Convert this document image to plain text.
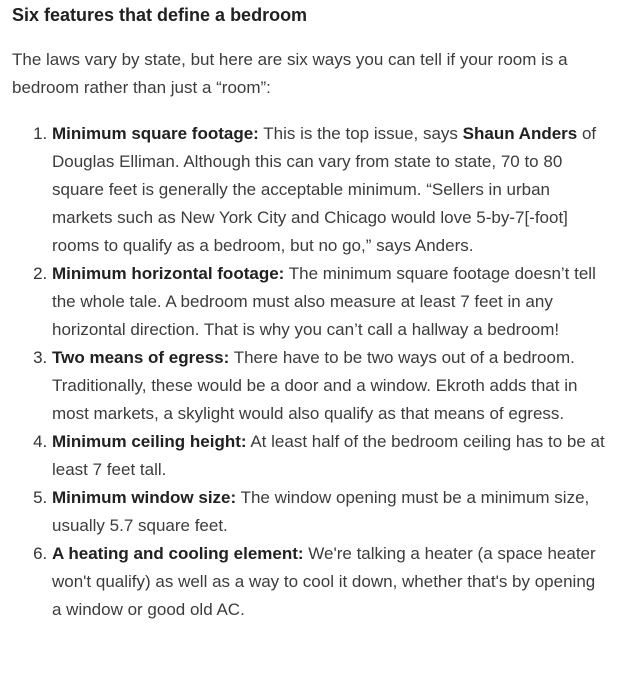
Six features that define a bedroom

The laws vary by state, but here are six ways you can tell if your room is a bedroom rather than just a “room”:

1. Minimum square footage: This is the top issue, says Shaun Anders of Douglas Elliman. Although this can vary from state to state, 70 to 80 square feet is generally the acceptable minimum. “Sellers in urban markets such as New York City and Chicago would love 5-by-7[-foot] rooms to qualify as a bedroom, but no go,” says Anders.
2. Minimum horizontal footage: The minimum square footage doesn’t tell the whole tale. A bedroom must also measure at least 7 feet in any horizontal direction. That is why you can’t call a hallway a bedroom!
3. Two means of egress: There have to be two ways out of a bedroom. Traditionally, these would be a door and a window. Ekroth adds that in most markets, a skylight would also qualify as that means of egress.
4. Minimum ceiling height: At least half of the bedroom ceiling has to be at least 7 feet tall.
5. Minimum window size: The window opening must be a minimum size, usually 5.7 square feet.
6. A heating and cooling element: We're talking a heater (a space heater won't qualify) as well as a way to cool it down, whether that's by opening a window or good old AC.
